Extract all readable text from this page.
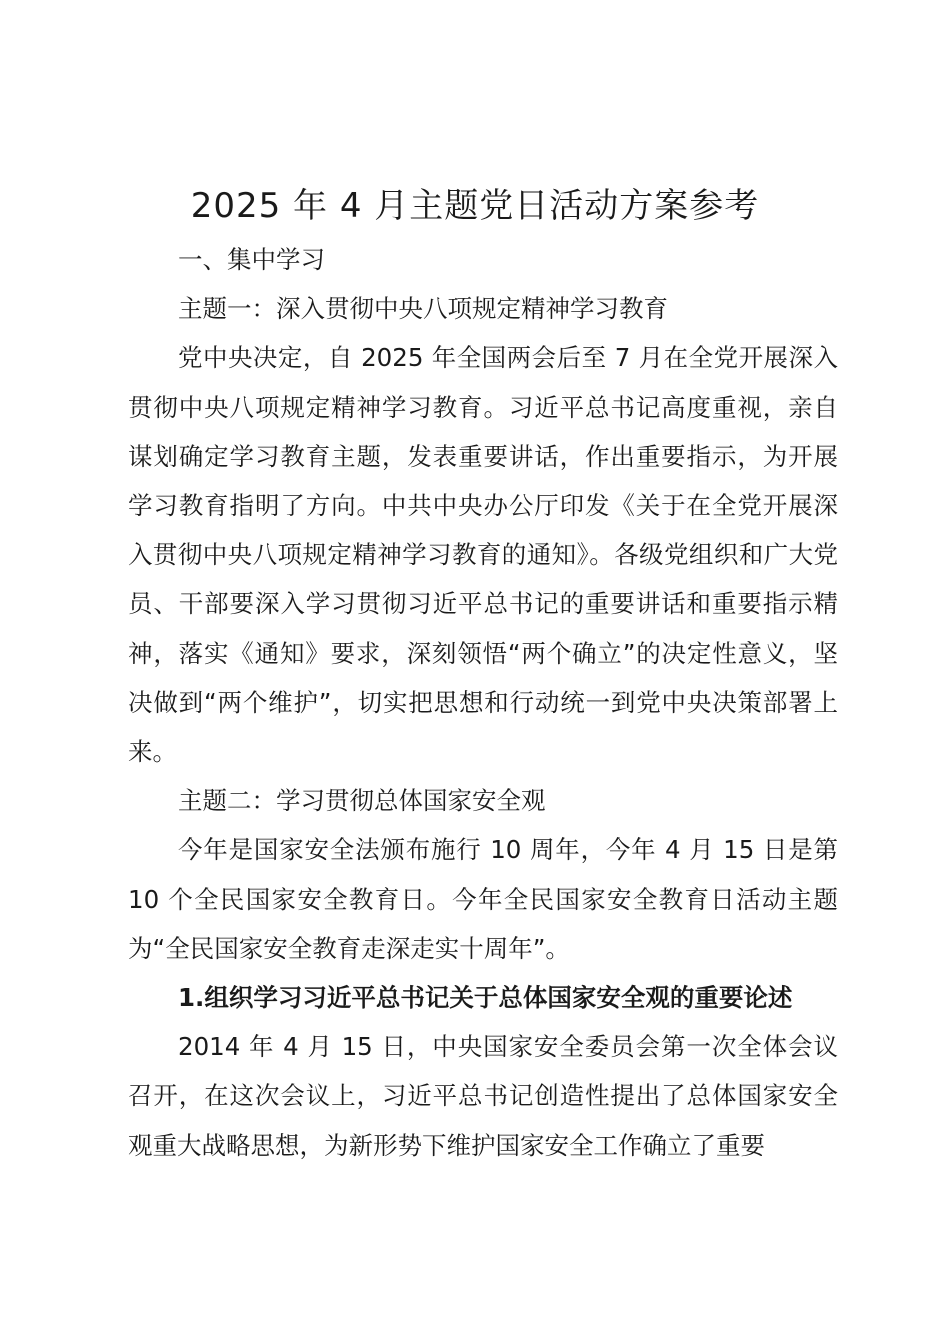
2025 年 4 月主题党日活动方案参考

一、集中学习

主题一：深入贯彻中央八项规定精神学习教育

党中央决定，自 2025 年全国两会后至 7 月在全党开展深入贯彻中央八项规定精神学习教育。习近平总书记高度重视，亲自谋划确定学习教育主题，发表重要讲话，作出重要指示，为开展学习教育指明了方向。中共中央办公厅印发《关于在全党开展深入贯彻中央八项规定精神学习教育的通知》。各级党组织和广大党员、干部要深入学习贯彻习近平总书记的重要讲话和重要指示精神，落实《通知》要求，深刻领悟“两个确立”的决定性意义，坚决做到“两个维护”，切实把思想和行动统一到党中央决策部署上来。

主题二：学习贯彻总体国家安全观

今年是国家安全法颁布施行 10 周年，今年 4 月 15 日是第 10 个全民国家安全教育日。今年全民国家安全教育日活动主题为“全民国家安全教育走深走实十周年”。

1.组织学习习近平总书记关于总体国家安全观的重要论述

2014 年 4 月 15 日，中央国家安全委员会第一次全体会议召开，在这次会议上，习近平总书记创造性提出了总体国家安全观重大战略思想，为新形势下维护国家安全工作确立了重要
